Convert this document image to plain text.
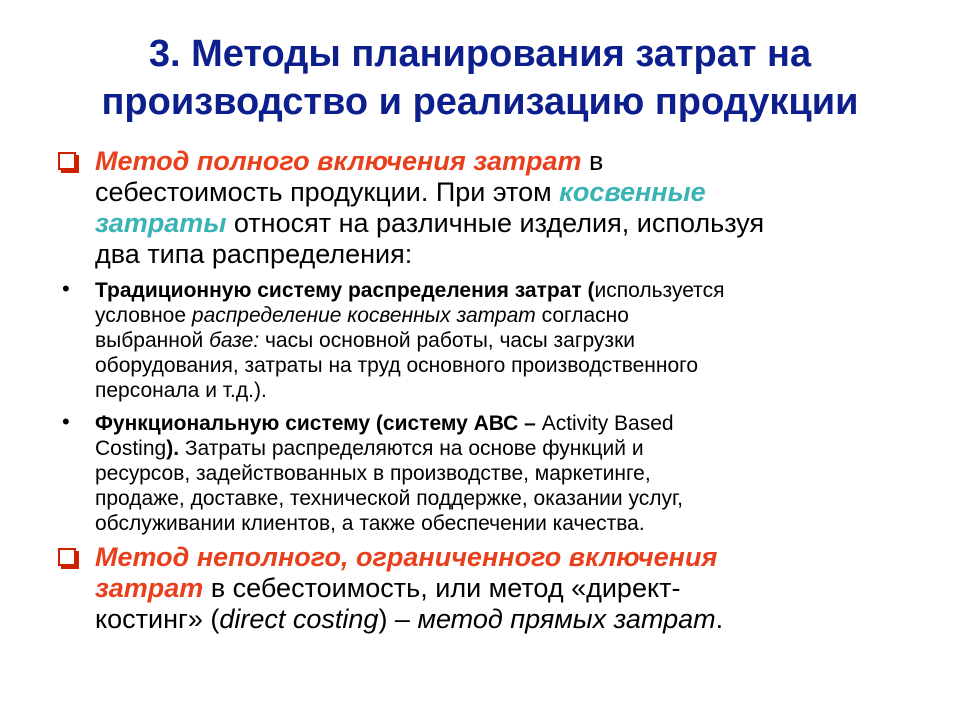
3. Методы планирования затрат на
производство и реализацию продукции
Метод полного включения затрат в
себестоимость продукции. При этом косвенные
затраты относят на различные изделия, используя
два типа распределения:
• Традиционную систему распределения затрат (используется
условное распределение косвенных затрат согласно
выбранной базе: часы основной работы, часы загрузки
оборудования, затраты на труд основного производственного
персонала и т.д.).
• Функциональную систему (систему АВС – Activity Based
Costing). Затраты распределяются на основе функций и
ресурсов, задействованных в производстве, маркетинге,
продаже, доставке, технической поддержке, оказании услуг,
обслуживании клиентов, а также обеспечении качества.
Метод неполного, ограниченного включения
затрат в себестоимость, или метод «директ-
костинг» (direct costing) – метод прямых затрат.
